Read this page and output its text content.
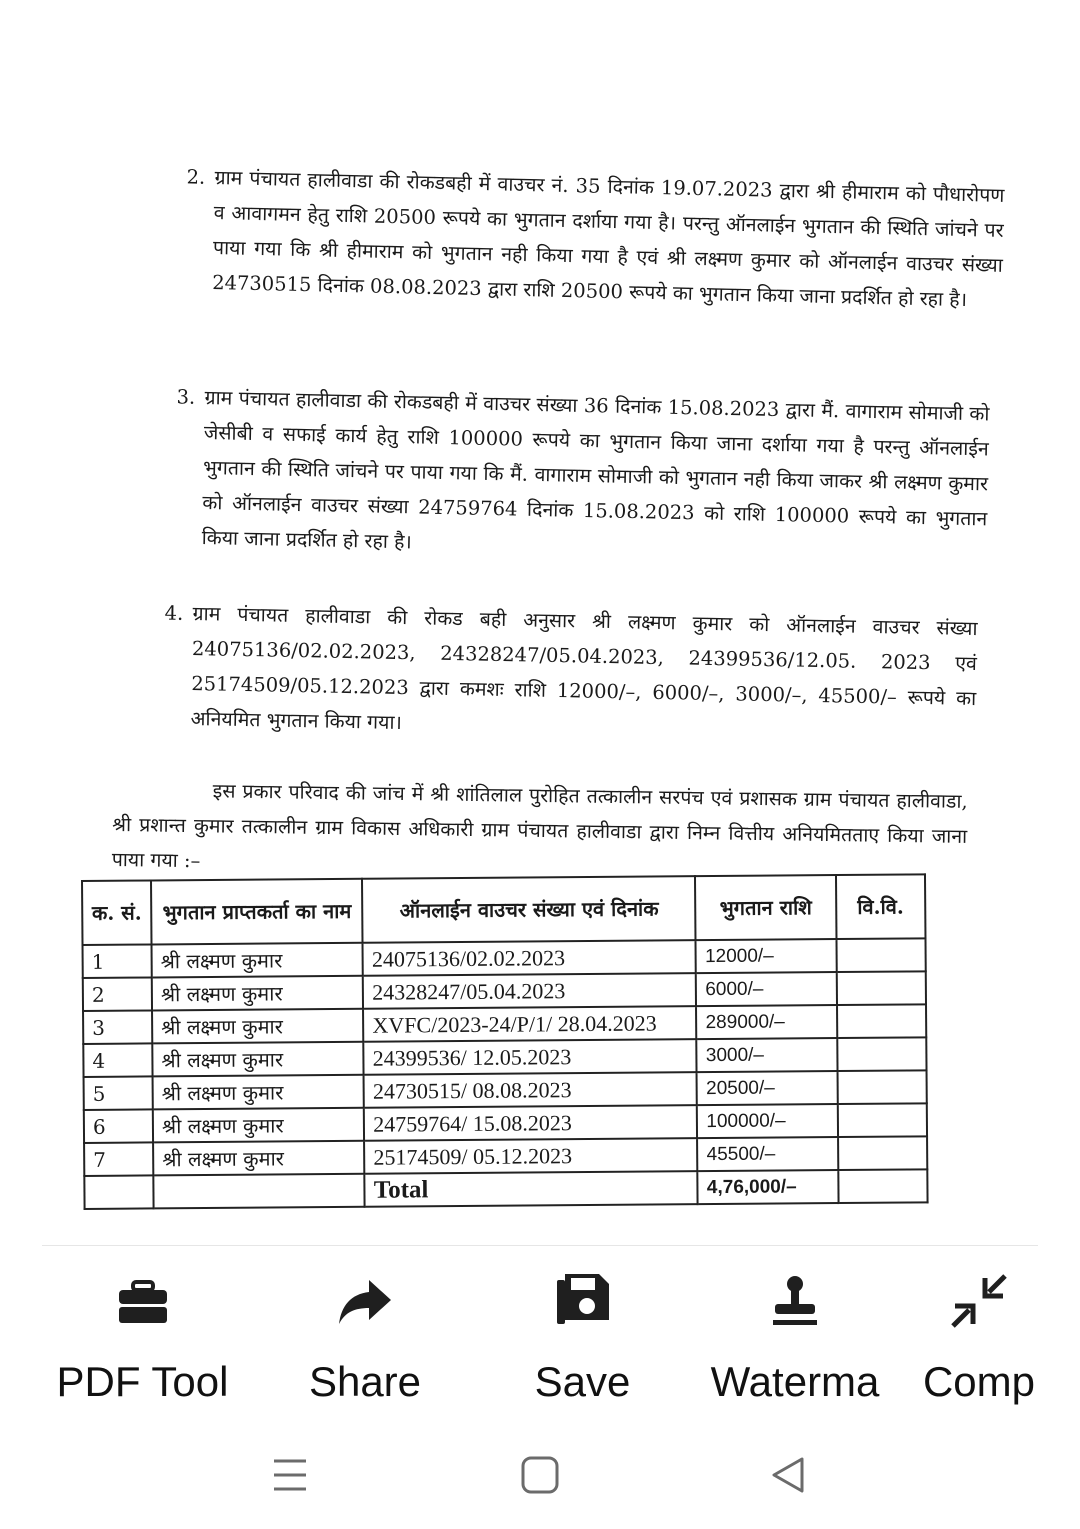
2. ग्राम पंचायत हालीवाडा की रोकडबही में वाउचर नं. 35 दिनांक 19.07.2023 द्वारा श्री हीमाराम को पौधारोपण व आवागमन हेतु राशि 20500 रूपये का भुगतान दर्शाया गया है। परन्तु ऑनलाईन भुगतान की स्थिति जांचने पर पाया गया कि श्री हीमाराम को भुगतान नही किया गया है एवं श्री लक्ष्मण कुमार को ऑनलाईन वाउचर संख्या 24730515 दिनांक 08.08.2023 द्वारा राशि 20500 रूपये का भुगतान किया जाना प्रदर्शित हो रहा है।
3. ग्राम पंचायत हालीवाडा की रोकडबही में वाउचर संख्या 36 दिनांक 15.08.2023 द्वारा मैं. वागाराम सोमाजी को जेसीबी व सफाई कार्य हेतु राशि 100000 रूपये का भुगतान किया जाना दर्शाया गया है परन्तु ऑनलाईन भुगतान की स्थिति जांचने पर पाया गया कि मैं. वागाराम सोमाजी को भुगतान नही किया जाकर श्री लक्ष्मण कुमार को ऑनलाईन वाउचर संख्या 24759764 दिनांक 15.08.2023 को राशि 100000 रूपये का भुगतान किया जाना प्रदर्शित हो रहा है।
4. ग्राम पंचायत हालीवाडा की रोकड बही अनुसार श्री लक्ष्मण कुमार को ऑनलाईन वाउचर संख्या 24075136/02.02.2023, 24328247/05.04.2023, 24399536/12.05. 2023 एवं 25174509/05.12.2023 द्वारा कमशः राशि 12000/–, 6000/–, 3000/–, 45500/– रूपये का अनियमित भुगतान किया गया।
इस प्रकार परिवाद की जांच में श्री शांतिलाल पुरोहित तत्कालीन सरपंच एवं प्रशासक ग्राम पंचायत हालीवाडा, श्री प्रशान्त कुमार तत्कालीन ग्राम विकास अधिकारी ग्राम पंचायत हालीवाडा द्वारा निम्न वित्तीय अनियमितताए किया जाना पाया गया :–
क. सं.	भुगतान प्राप्तकर्ता का नाम	ऑनलाईन वाउचर संख्या एवं दिनांक	भुगतान राशि	वि.वि.
1	श्री लक्ष्मण कुमार	24075136/02.02.2023	12000/–	
2	श्री लक्ष्मण कुमार	24328247/05.04.2023	6000/–	
3	श्री लक्ष्मण कुमार	XVFC/2023-24/P/1/ 28.04.2023	289000/–	
4	श्री लक्ष्मण कुमार	24399536/ 12.05.2023	3000/–	
5	श्री लक्ष्मण कुमार	24730515/ 08.08.2023	20500/–	
6	श्री लक्ष्मण कुमार	24759764/ 15.08.2023	100000/–	
7	श्री लक्ष्मण कुमार	25174509/ 05.12.2023	45500/–	
		Total	4,76,000/–	
PDF Tool	Share	Save	Waterma Comp
